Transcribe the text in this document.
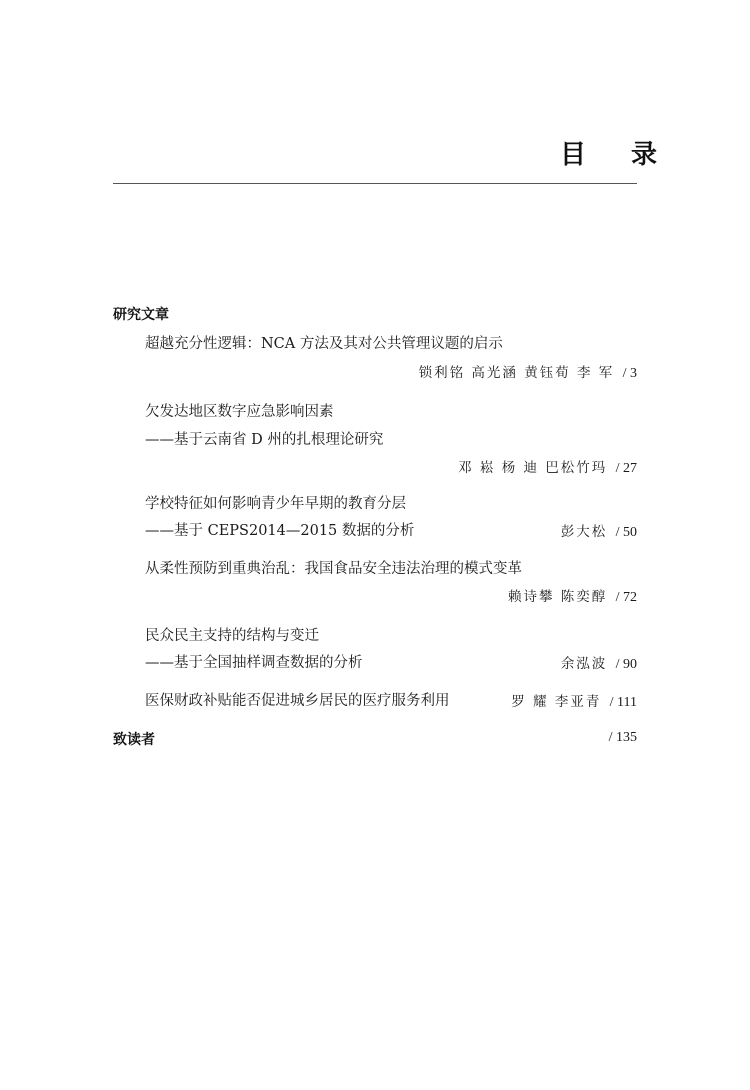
目 录
研究文章
超越充分性逻辑：NCA 方法及其对公共管理议题的启示
锁利铭 高光涵 黄钰荀 李 军 / 3
欠发达地区数字应急影响因素
——基于云南省 D 州的扎根理论研究
邓 崧 杨 迪 巴松竹玛 / 27
学校特征如何影响青少年早期的教育分层
——基于 CEPS2014—2015 数据的分析	彭大松 / 50
从柔性预防到重典治乱：我国食品安全违法治理的模式变革
赖诗攀 陈奕醇 / 72
民众民主支持的结构与变迁
——基于全国抽样调查数据的分析	余泓波 / 90
医保财政补贴能否促进城乡居民的医疗服务利用	罗 耀 李亚青 / 111
致读者	/ 135
